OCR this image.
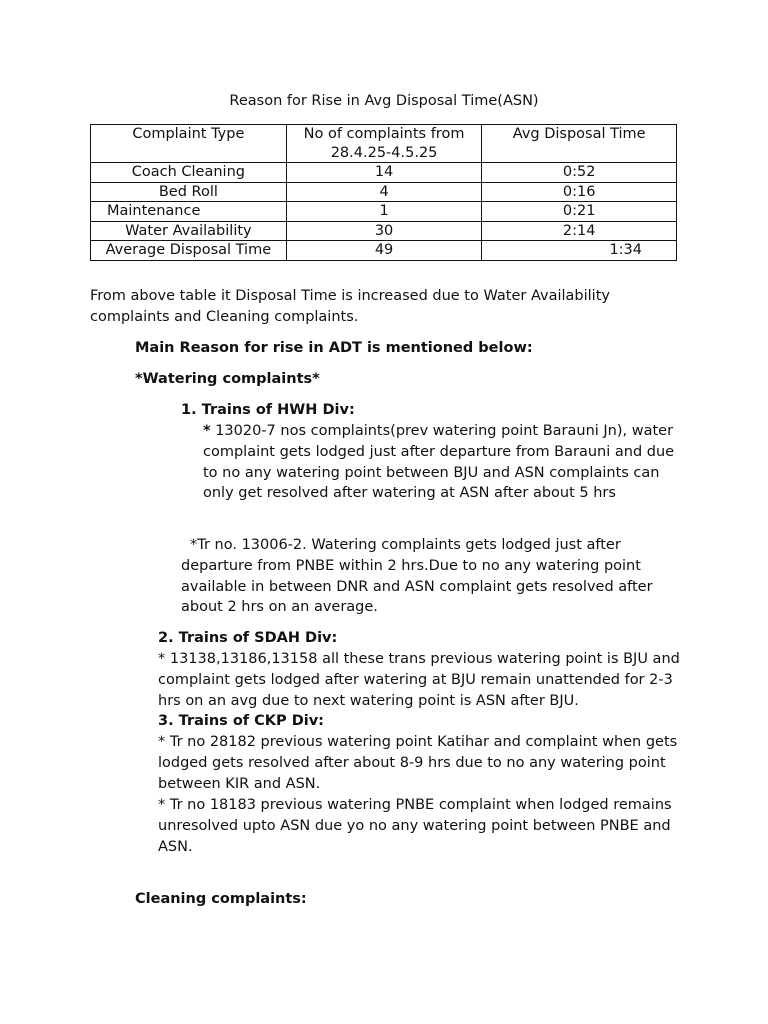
Reason for Rise in Avg Disposal Time(ASN)
Complaint Type	No of complaints from 28.4.25-4.5.25	Avg Disposal Time
Coach Cleaning	14	0:52
Bed Roll	4	0:16
Maintenance	1	0:21
Water Availability	30	2:14
Average Disposal Time	49	1:34

From above table it Disposal Time is increased due to Water Availability complaints and Cleaning complaints.

Main Reason for rise in ADT is mentioned below:

*Watering complaints*

1. Trains of HWH Div:

* 13020-7 nos complaints(prev watering point Barauni Jn), water complaint gets lodged just after departure from Barauni and due to no any watering point between BJU and ASN complaints can only get resolved after watering at ASN after about 5 hrs

*Tr no. 13006-2. Watering complaints gets lodged just after departure from PNBE within 2 hrs.Due to no any watering point available in between DNR and ASN complaint gets resolved after about 2 hrs on an average.

2. Trains of SDAH Div:

* 13138,13186,13158 all these trans previous watering point is BJU and complaint gets lodged after watering at BJU remain unattended for 2-3 hrs on an avg due to next watering point is ASN after BJU.

3. Trains of CKP Div:

* Tr no 28182 previous watering point Katihar and complaint when gets lodged gets resolved after about 8-9 hrs due to no any watering point between KIR and ASN.

* Tr no 18183 previous watering PNBE complaint when lodged remains unresolved upto ASN due yo no any watering point between PNBE and ASN.

Cleaning complaints:
